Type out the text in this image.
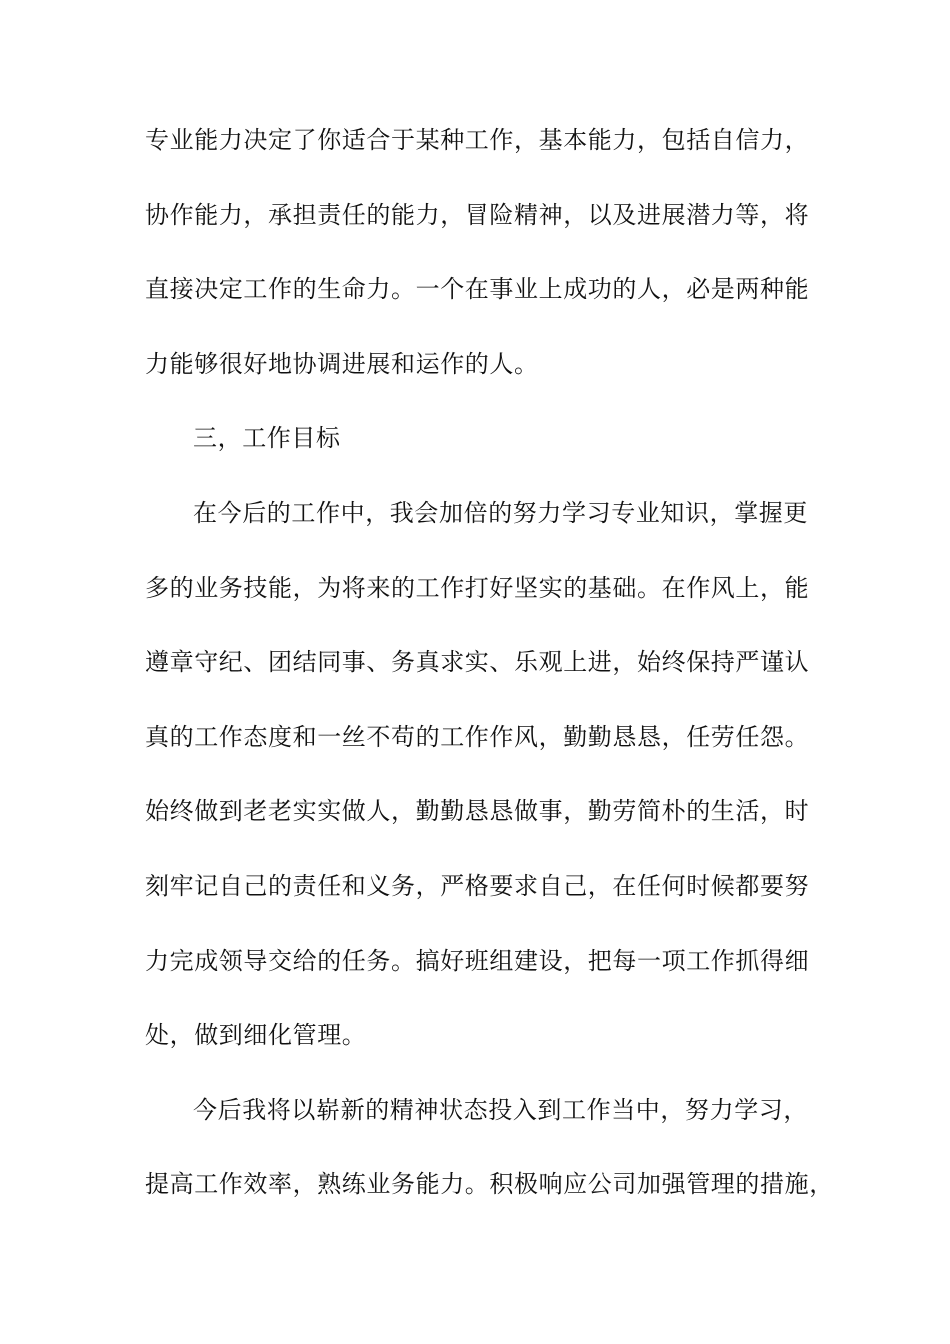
专业能力决定了你适合于某种工作，基本能力，包括自信力，
协作能力，承担责任的能力，冒险精神，以及进展潜力等，将
直接决定工作的生命力。一个在事业上成功的人，必是两种能
力能够很好地协调进展和运作的人。
三，工作目标
在今后的工作中，我会加倍的努力学习专业知识，掌握更
多的业务技能，为将来的工作打好坚实的基础。在作风上，能
遵章守纪、团结同事、务真求实、乐观上进，始终保持严谨认
真的工作态度和一丝不苟的工作作风，勤勤恳恳，任劳任怨。
始终做到老老实实做人，勤勤恳恳做事，勤劳简朴的生活，时
刻牢记自己的责任和义务，严格要求自己，在任何时候都要努
力完成领导交给的任务。搞好班组建设，把每一项工作抓得细
处，做到细化管理。
今后我将以崭新的精神状态投入到工作当中，努力学习，
提高工作效率，熟练业务能力。积极响应公司加强管理的措施，
